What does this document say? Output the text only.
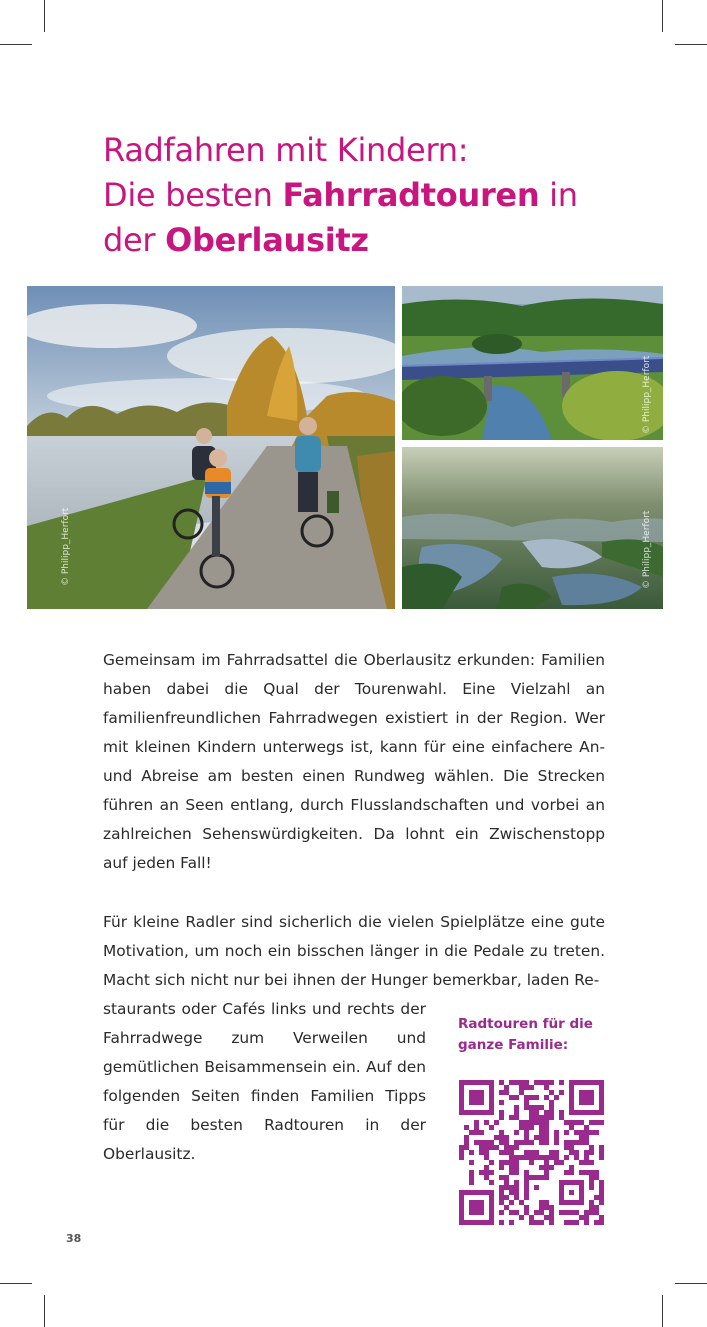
Radfahren mit Kindern:
Die besten Fahrradtouren in
der Oberlausitz
© Philipp_Herfort
© Philipp_Herfort
© Philipp_Herfort

Gemeinsam im Fahrradsattel die Oberlausitz erkunden: Familien haben dabei die Qual der Tourenwahl. Eine Vielzahl an familienfreundlichen Fahrradwegen existiert in der Region. Wer mit kleinen Kindern unterwegs ist, kann für eine einfachere An- und Abreise am besten einen Rundweg wählen. Die Strecken führen an Seen entlang, durch Flusslandschaften und vorbei an zahlreichen Sehenswürdigkeiten. Da lohnt ein Zwischenstopp auf jeden Fall!

Für kleine Radler sind sicherlich die vielen Spielplätze eine gute Motivation, um noch ein bisschen länger in die Pedale zu treten. Macht sich nicht nur bei ihnen der Hunger bemerkbar, laden Re-

staurants oder Cafés links und rechts der Fahrradwege zum Verweilen und gemütlichen Beisammensein ein. Auf den folgenden Seiten finden Familien Tipps für die besten Radtouren in der Oberlausitz.

Radtouren für die
ganze Familie:
38
